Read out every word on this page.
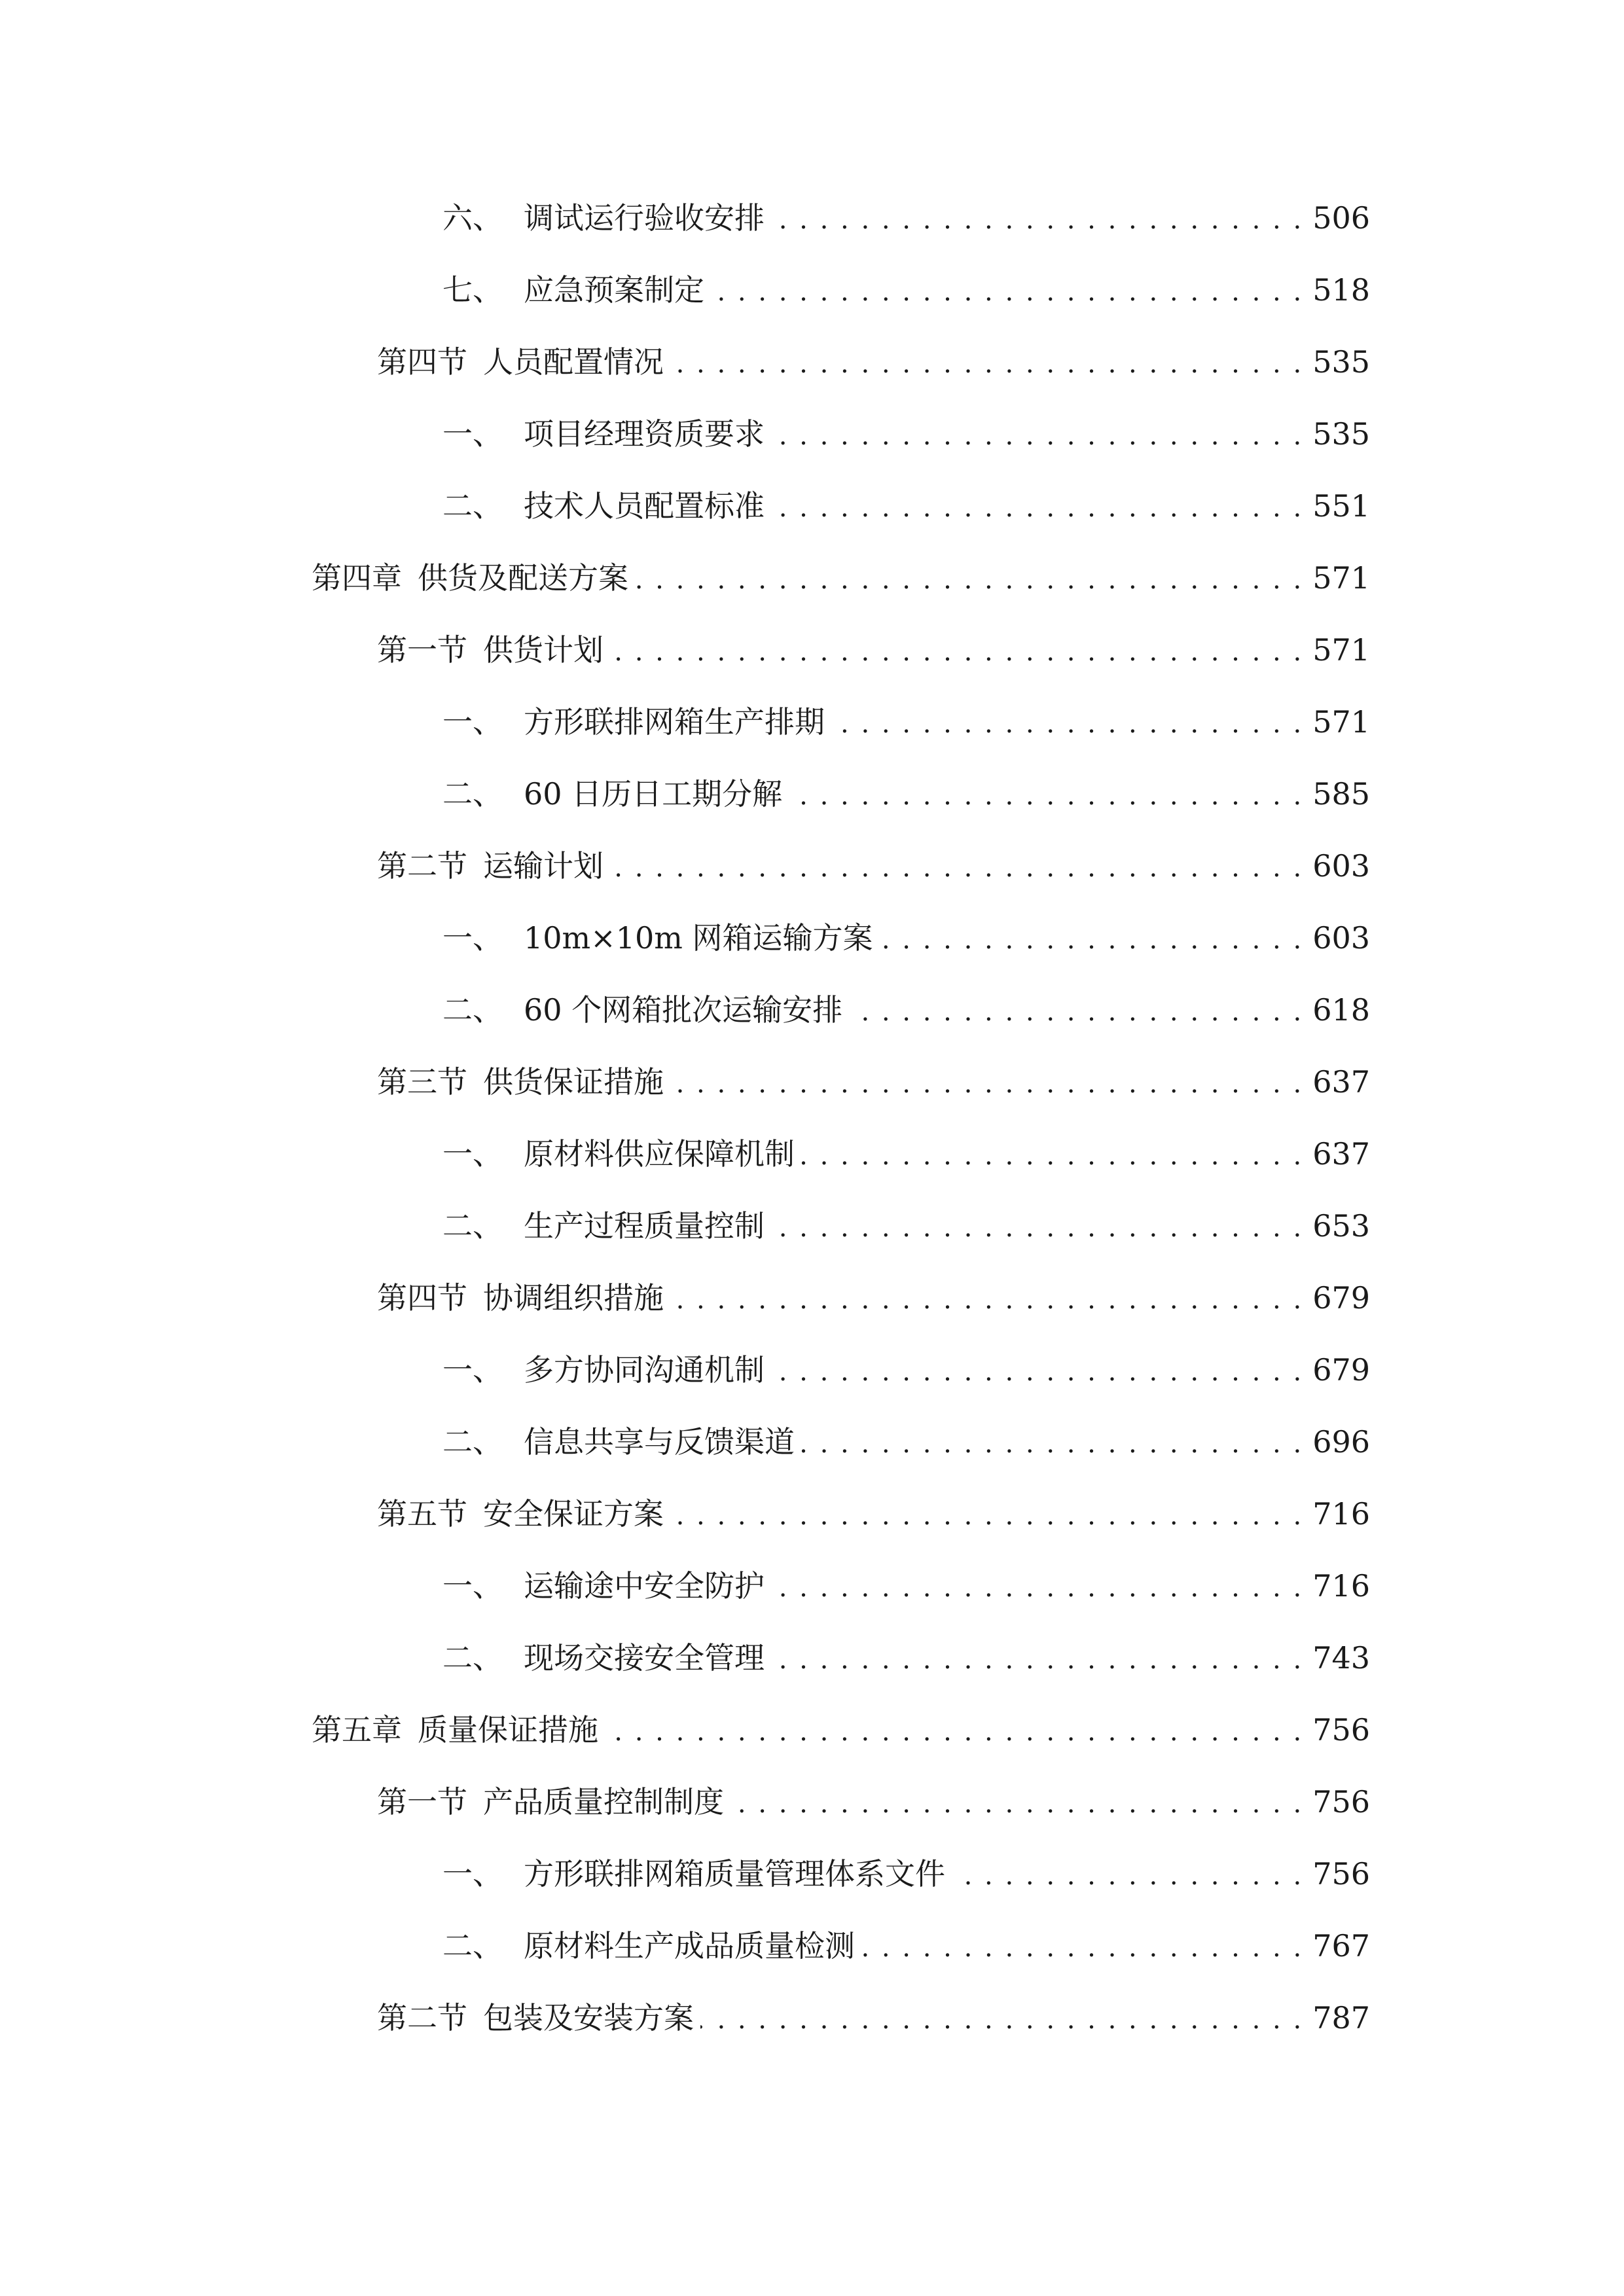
六、 调试运行验收安排 . . .	506
七、 应急预案制定 . . .	518
第四节 人员配置情况 . . .	535
一、 项目经理资质要求 . . .	535
二、 技术人员配置标准 . . .	551
第四章 供货及配送方案 . . .	571
第一节 供货计划 . . .	571
一、 方形联排网箱生产排期 . . .	571
二、 60 日历日工期分解 . . .	585
第二节 运输计划 . . .	603
一、 10m×10m 网箱运输方案 . . .	603
二、 60 个网箱批次运输安排 . . .	618
第三节 供货保证措施 . . .	637
一、 原材料供应保障机制 . . .	637
二、 生产过程质量控制 . . .	653
第四节 协调组织措施 . . .	679
一、 多方协同沟通机制 . . .	679
二、 信息共享与反馈渠道 . . .	696
第五节 安全保证方案 . . .	716
一、 运输途中安全防护 . . .	716
二、 现场交接安全管理 . . .	743
第五章 质量保证措施 . . .	756
第一节 产品质量控制制度 . . .	756
一、 方形联排网箱质量管理体系文件 . . .	756
二、 原材料生产成品质量检测 . . .	767
第二节 包装及安装方案 . . .	787
